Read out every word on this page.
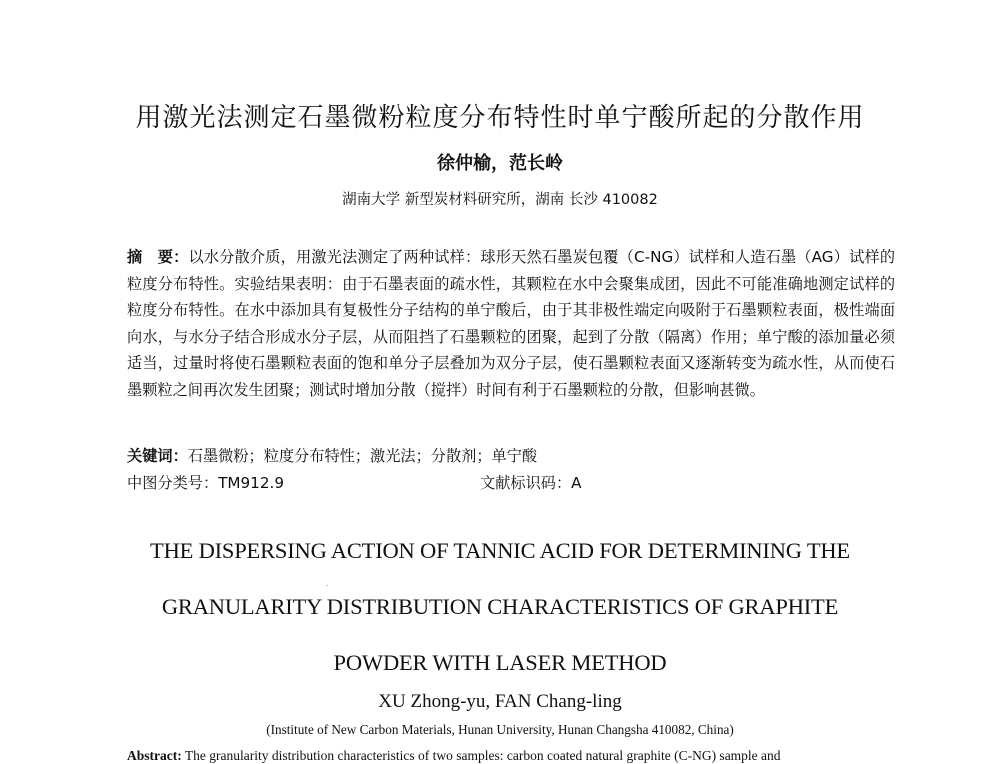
用激光法测定石墨微粉粒度分布特性时单宁酸所起的分散作用
徐仲榆，范长岭
湖南大学 新型炭材料研究所，湖南 长沙 410082
摘　要：以水分散介质，用激光法测定了两种试样：球形天然石墨炭包覆（C-NG）试样和人造石墨（AG）试样的粒度分布特性。实验结果表明：由于石墨表面的疏水性，其颗粒在水中会聚集成团，因此不可能准确地测定试样的粒度分布特性。在水中添加具有复极性分子结构的单宁酸后，由于其非极性端定向吸附于石墨颗粒表面，极性端面向水，与水分子结合形成水分子层，从而阻挡了石墨颗粒的团聚，起到了分散（隔离）作用；单宁酸的添加量必须适当，过量时将使石墨颗粒表面的饱和单分子层叠加为双分子层，使石墨颗粒表面又逐渐转变为疏水性，从而使石墨颗粒之间再次发生团聚；测试时增加分散（搅拌）时间有利于石墨颗粒的分散，但影响甚微。
关键词：石墨微粉；粒度分布特性；激光法；分散剂；单宁酸
中图分类号：TM912.9	文献标识码：A
THE DISPERSING ACTION OF TANNIC ACID FOR DETERMINING THE
GRANULARITY DISTRIBUTION CHARACTERISTICS OF GRAPHITE
POWDER WITH LASER METHOD
XU Zhong-yu, FAN Chang-ling
(Institute of New Carbon Materials, Hunan University, Hunan Changsha 410082, China)
Abstract: The granularity distribution characteristics of two samples: carbon coated natural graphite (C-NG) sample and
